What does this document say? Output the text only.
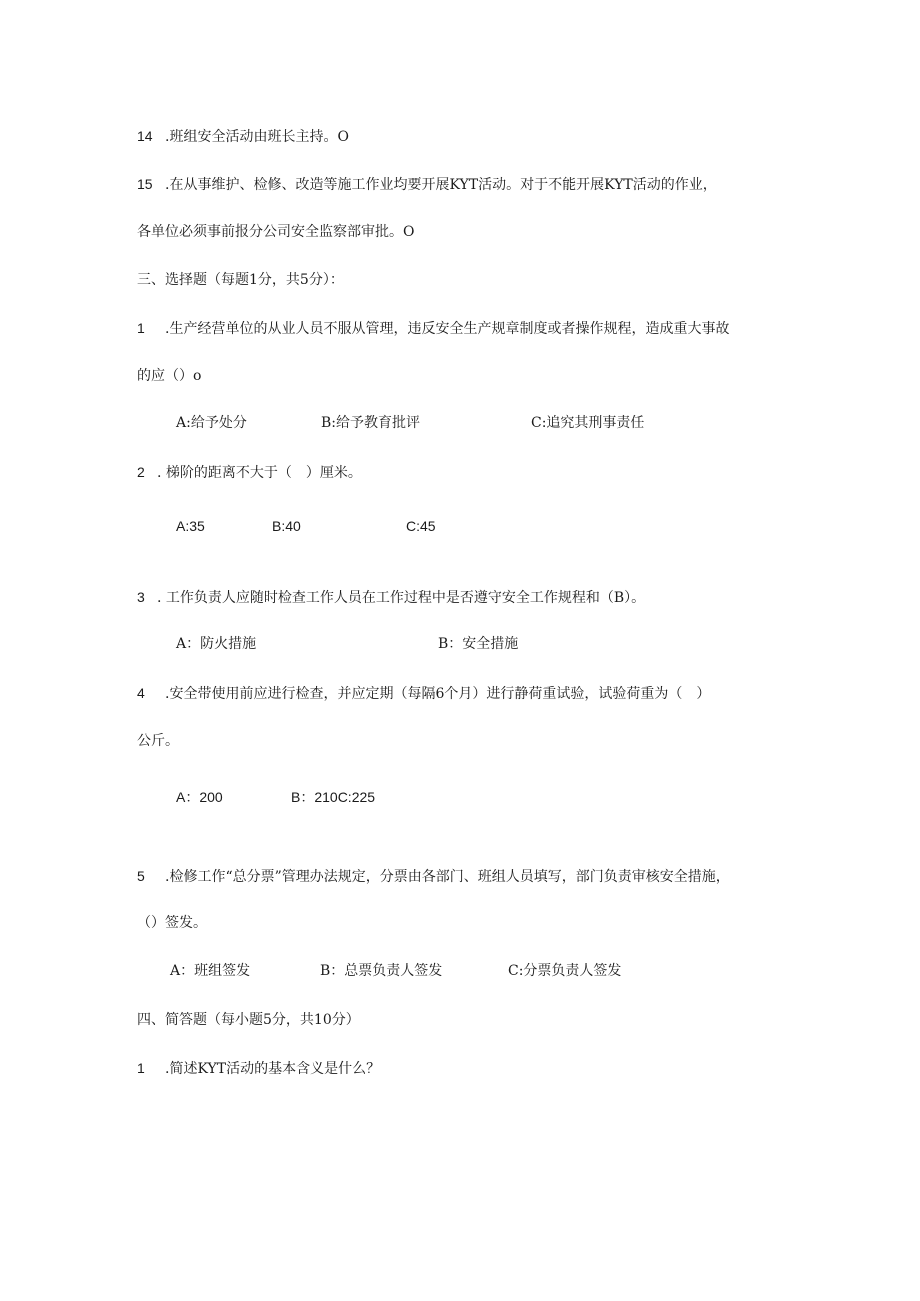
14 .班组安全活动由班长主持。O
15 .在从事维护、检修、改造等施工作业均要开展KYT活动。对于不能开展KYT活动的作业，
各单位必须事前报分公司安全监察部审批。O
三、选择题（每题1分，共5分）：
1 .生产经营单位的从业人员不服从管理，违反安全生产规章制度或者操作规程，造成重大事故
的应（）o
A:给予处分	B:给予教育批评	C:追究其刑事责任
2 . 梯阶的距离不大于（　）厘米。
A:35	B:40	C:45
3 . 工作负责人应随时检查工作人员在工作过程中是否遵守安全工作规程和（B）。
A：防火措施	B：安全措施
4 .安全带使用前应进行检查，并应定期（每隔6个月）进行静荷重试验，试验荷重为（　）
公斤。
A：200	B：210C:225
5 .检修工作“总分票”管理办法规定，分票由各部门、班组人员填写，部门负责审核安全措施，
（）签发。
A：班组签发	B：总票负责人签发	C:分票负责人签发
四、简答题（每小题5分，共10分）
1 .简述KYT活动的基本含义是什么？
